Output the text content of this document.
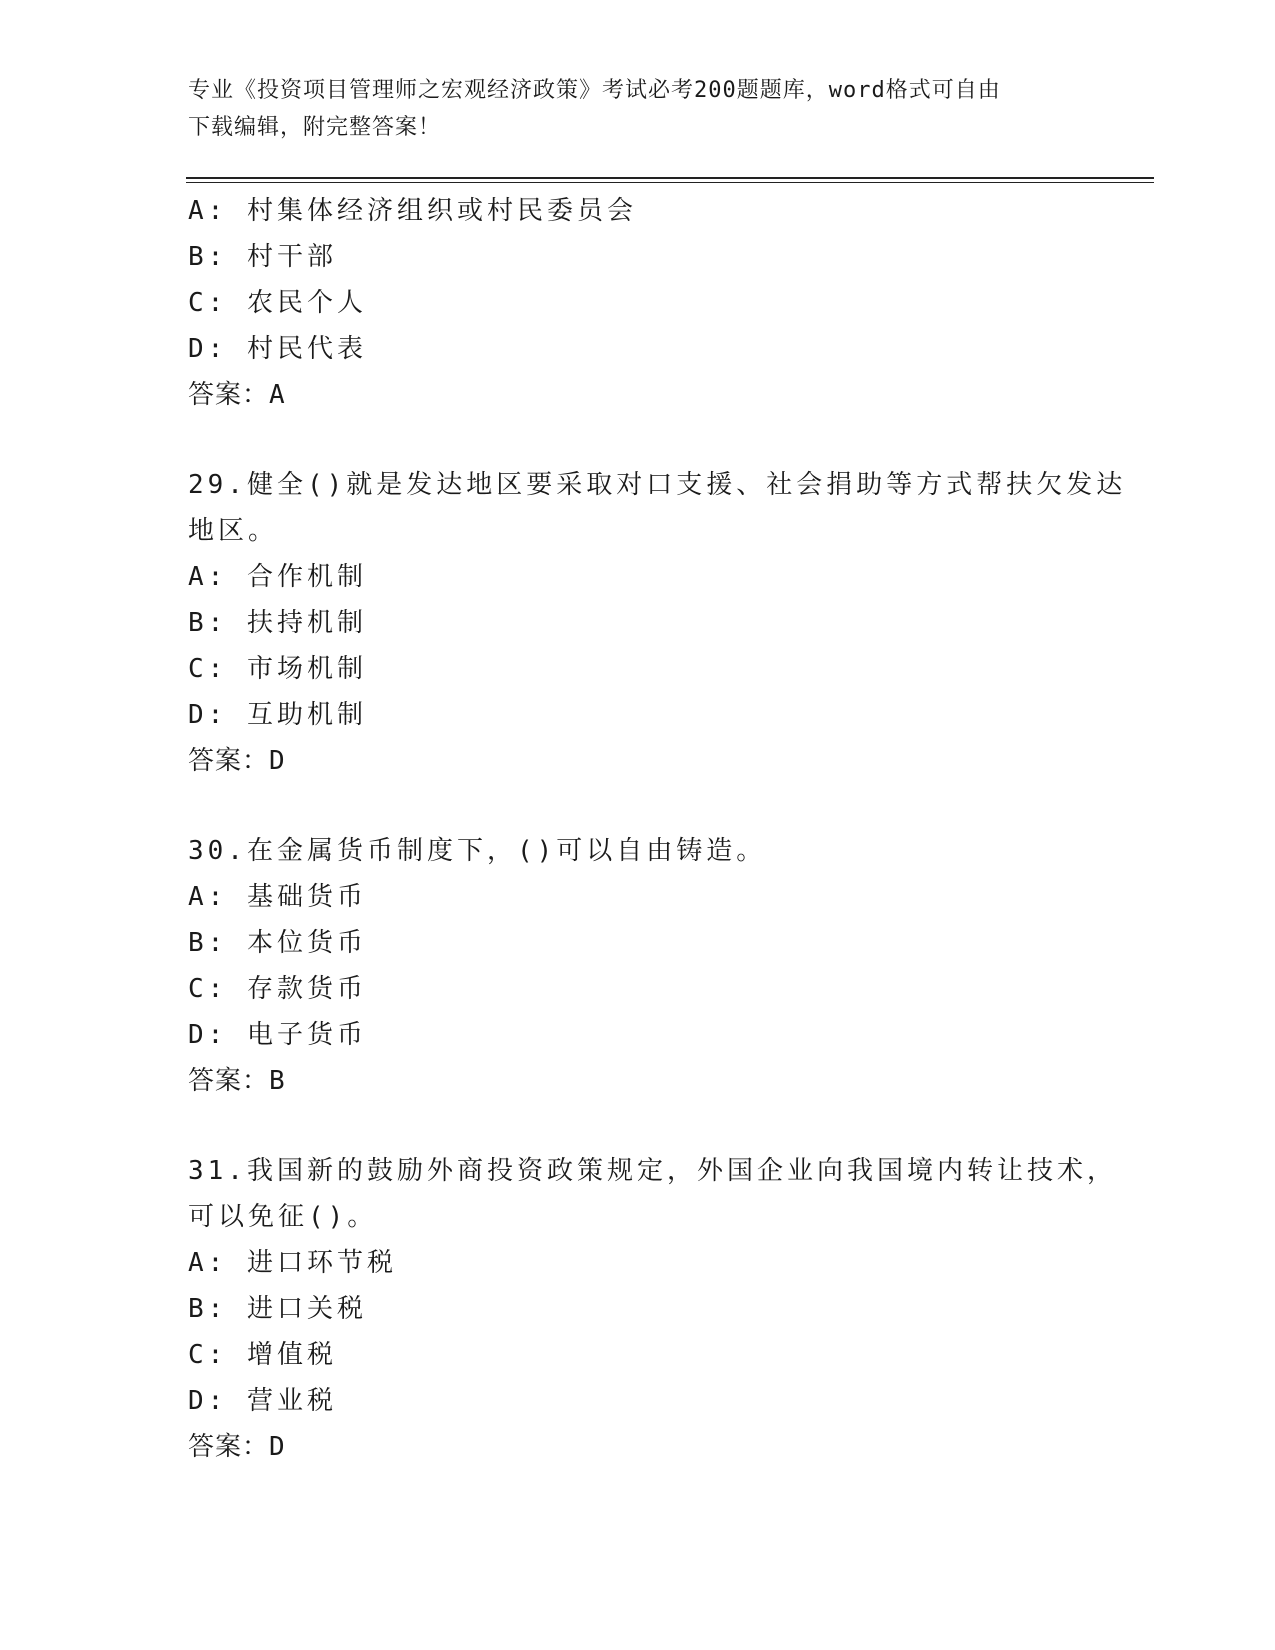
专业《投资项目管理师之宏观经济政策》考试必考200题题库，word格式可自由
下载编辑，附完整答案！
A: 村集体经济组织或村民委员会
B: 村干部
C: 农民个人
D: 村民代表
答案：A
29.健全()就是发达地区要采取对口支援、社会捐助等方式帮扶欠发达
地区。
A: 合作机制
B: 扶持机制
C: 市场机制
D: 互助机制
答案：D
30.在金属货币制度下，()可以自由铸造。
A: 基础货币
B: 本位货币
C: 存款货币
D: 电子货币
答案：B
31.我国新的鼓励外商投资政策规定，外国企业向我国境内转让技术，
可以免征()。
A: 进口环节税
B: 进口关税
C: 增值税
D: 营业税
答案：D
